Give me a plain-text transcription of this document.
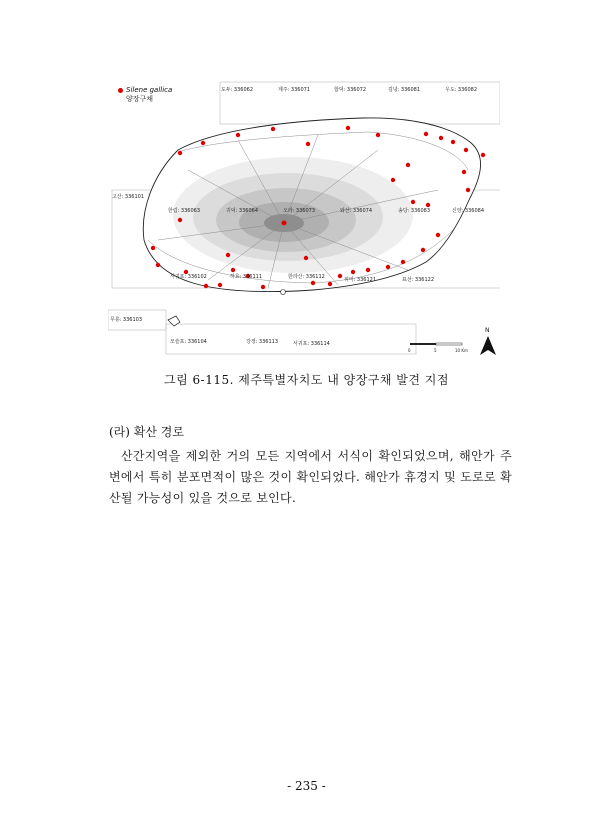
Silene gallica
양장구채
도두: 336062	제주: 336071	함덕: 336072	김녕: 336081	우도: 336082
고산: 336101
한림: 336063	귀덕: 336064	오라: 336073	와산: 336074	송당: 336083	신양: 336084
서귀포: 336102	하효: 336111	한라산: 336112	위미: 336121	표선: 336122
무릉: 336103
모슬포: 336104	강정: 336113	서귀포: 336114
0	5	10 Km
N
그림 6-115. 제주특별자치도 내 양장구채 발견 지점
(라) 확산 경로

산간지역을 제외한 거의 모든 지역에서 서식이 확인되었으며, 해안가 주변에서 특히 분포면적이 많은 것이 확인되었다. 해안가 휴경지 및 도로로 확산될 가능성이 있을 것으로 보인다.

- 235 -
